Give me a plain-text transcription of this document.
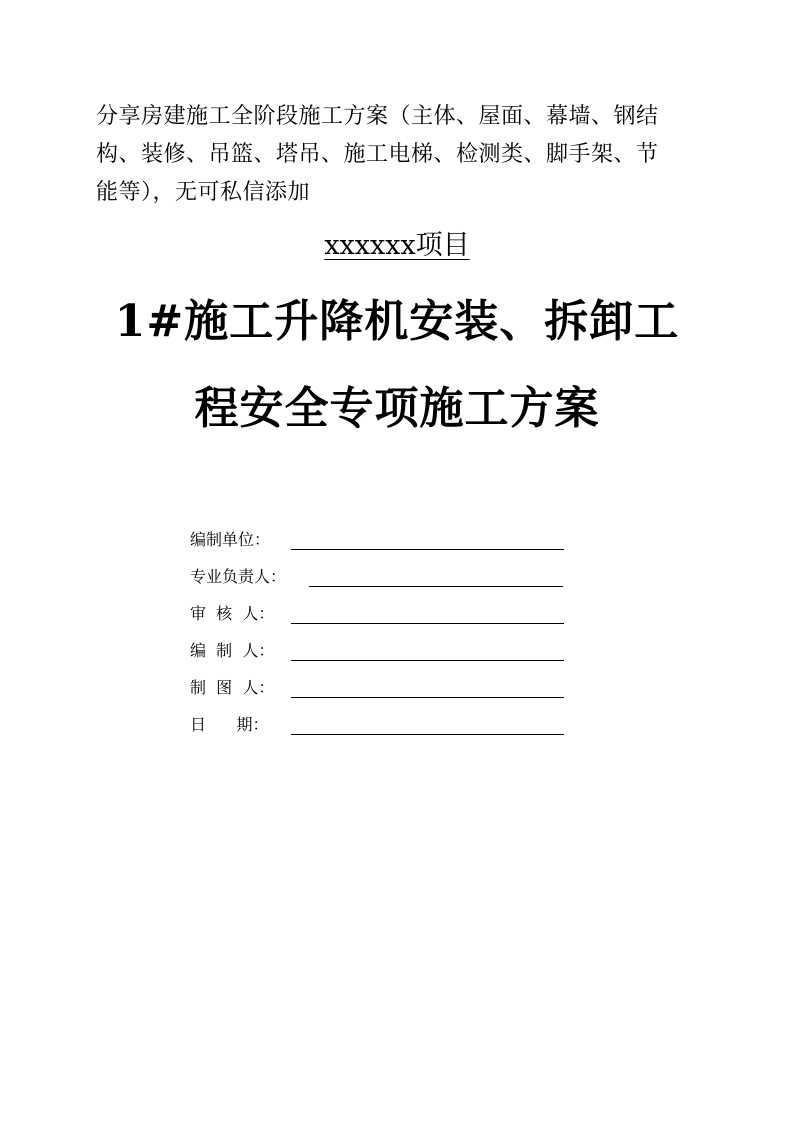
分享房建施工全阶段施工方案（主体、屋面、幕墙、钢结
构、装修、吊篮、塔吊、施工电梯、检测类、脚手架、节
能等），无可私信添加
xxxxxx项目
1#施工升降机安装、拆卸工
程安全专项施工方案
编制单位：
专业负责人：
审  核  人：
编  制  人：
制  图  人：
日      期：
